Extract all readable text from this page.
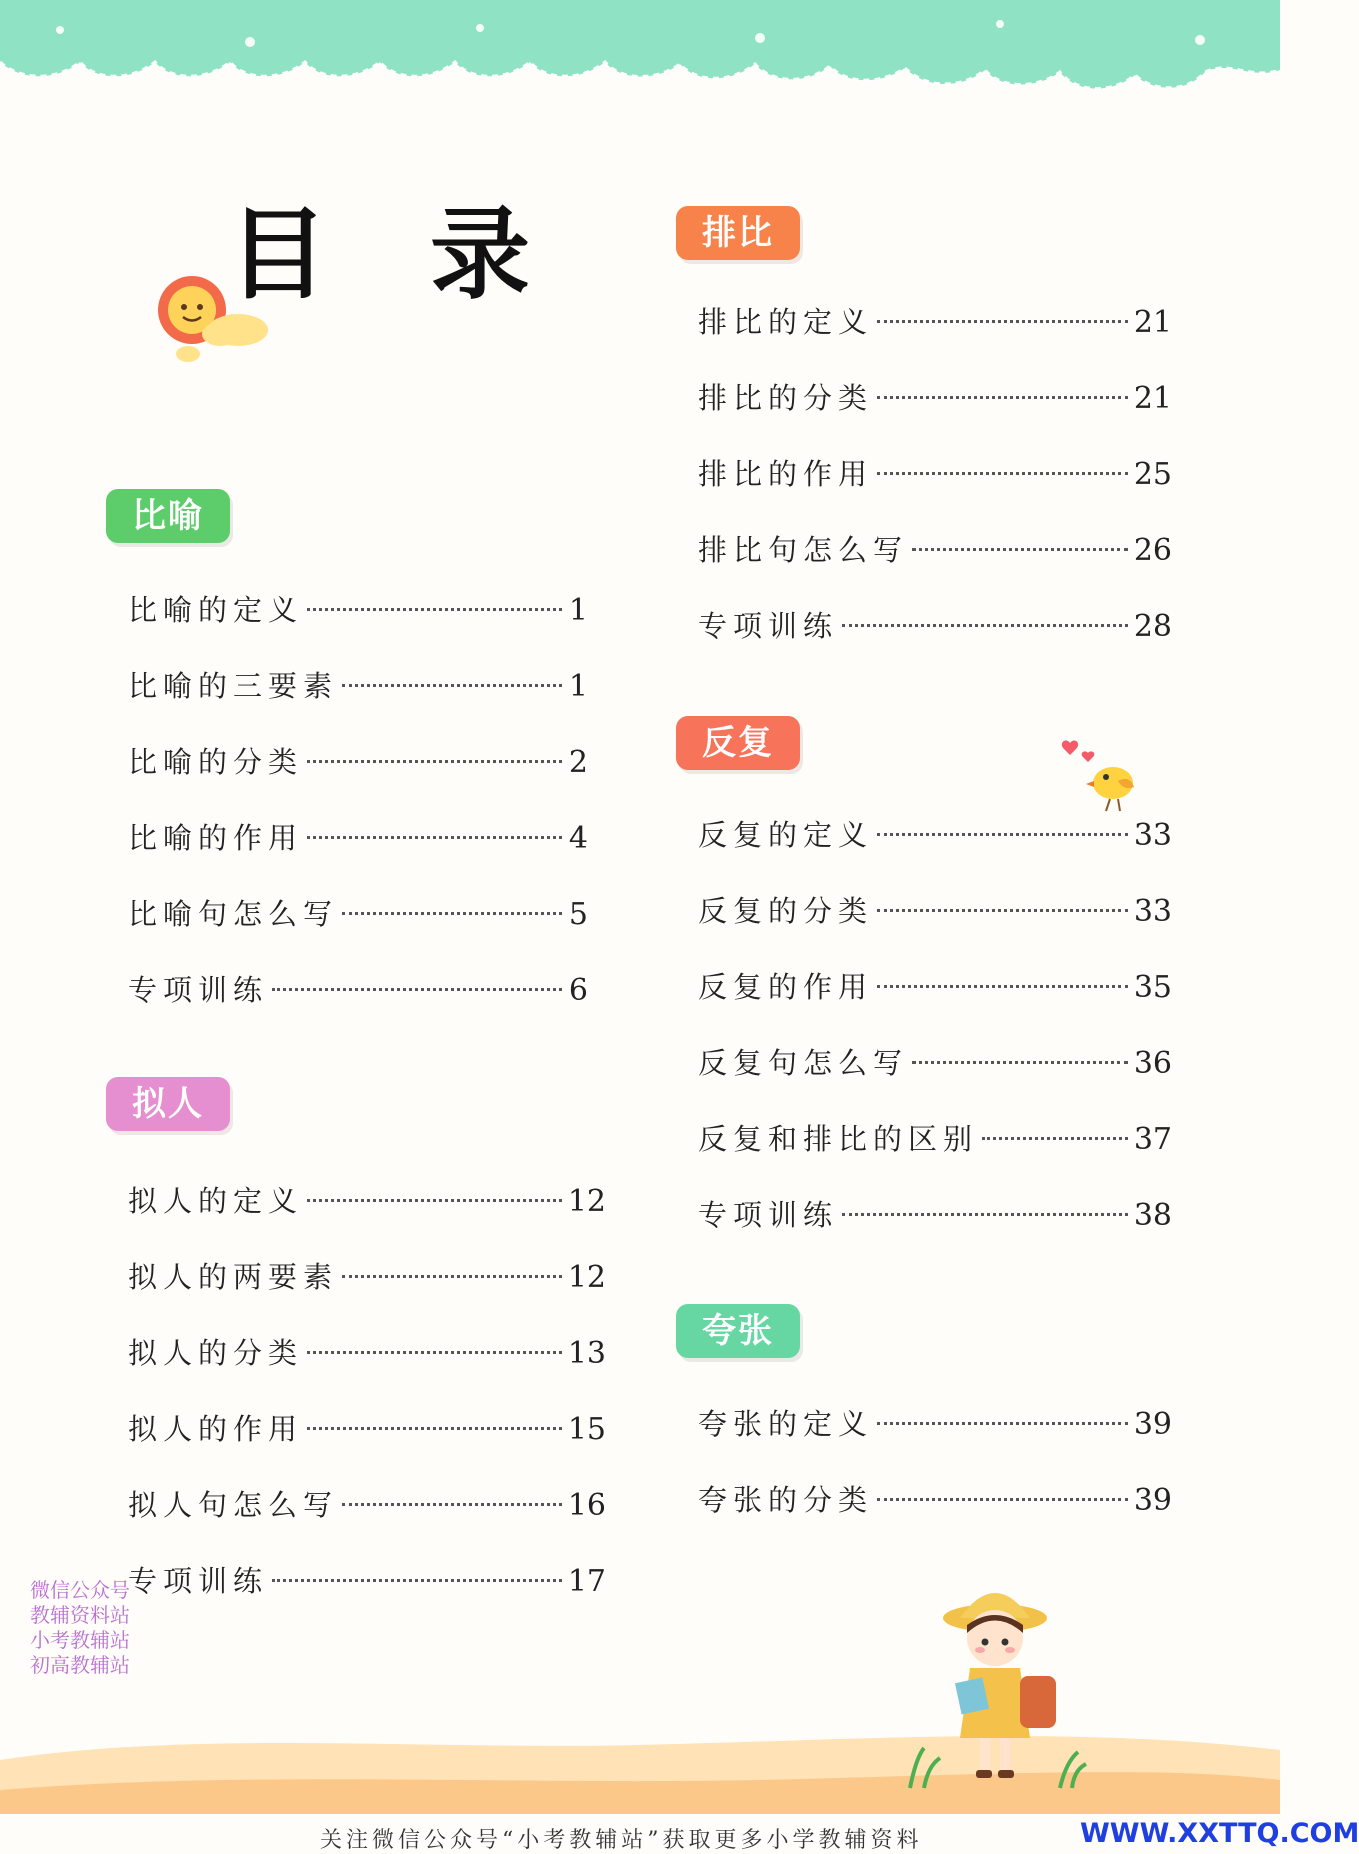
目 录
比喻
拟人
排比
反复
夸张
比喻的定义	1
比喻的三要素	1
比喻的分类	2
比喻的作用	4
比喻句怎么写	5
专项训练	6
拟人的定义	12
拟人的两要素	12
拟人的分类	13
拟人的作用	15
拟人句怎么写	16
专项训练	17
排比的定义	21
排比的分类	21
排比的作用	25
排比句怎么写	26
专项训练	28
反复的定义	33
反复的分类	33
反复的作用	35
反复句怎么写	36
反复和排比的区别	37
专项训练	38
夸张的定义	39
夸张的分类	39
微信公众号
教辅资料站
小考教辅站
初高教辅站
关注微信公众号“小考教辅站”获取更多小学教辅资料	WWW.XXTTQ.COM
